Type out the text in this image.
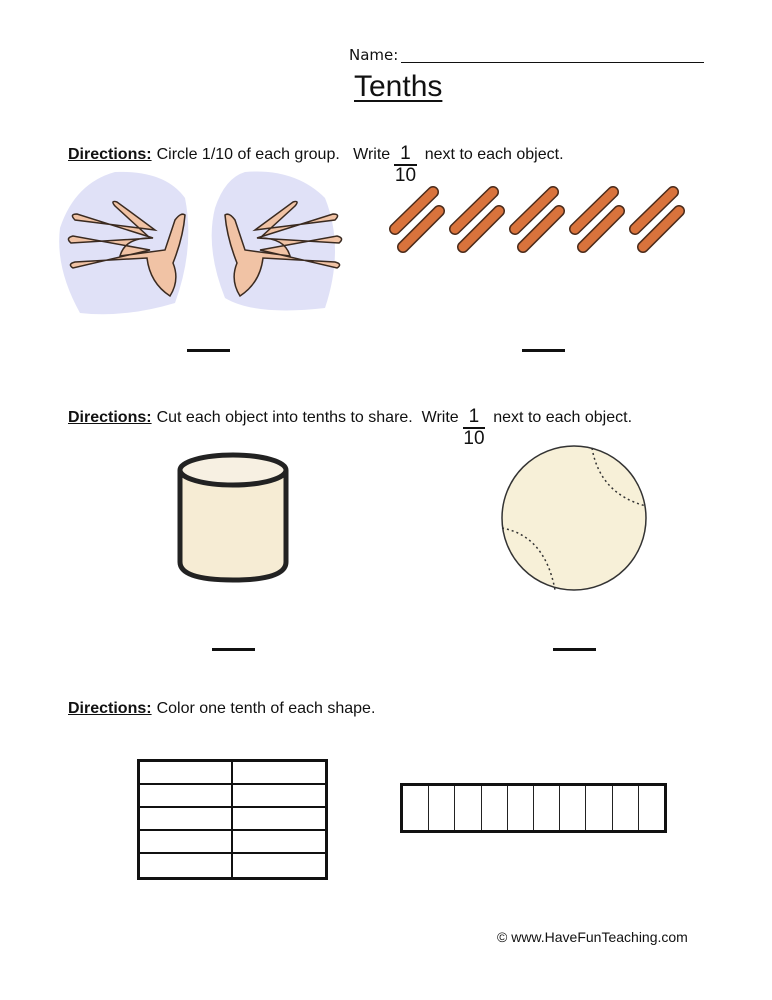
Name:
Tenths
Directions: Circle 1/10 of each group.   Write $\frac{1}{10}$ next to each object.
Directions: Cut each object into tenths to share.  Write $\frac{1}{10}$ next to each object.
Directions: Color one tenth of each shape.
© www.HaveFunTeaching.com
